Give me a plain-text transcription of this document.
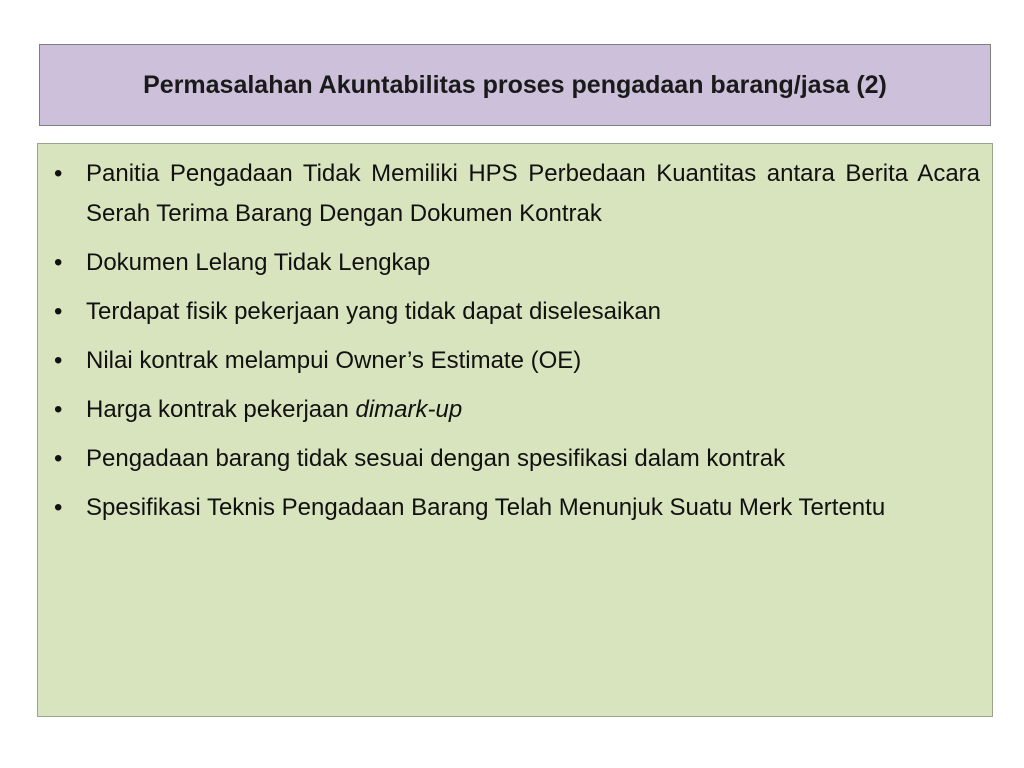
Permasalahan Akuntabilitas proses pengadaan barang/jasa (2)
• Panitia Pengadaan Tidak Memiliki HPS Perbedaan Kuantitas antara Berita Acara Serah Terima Barang Dengan Dokumen Kontrak
• Dokumen Lelang Tidak Lengkap
• Terdapat fisik pekerjaan yang tidak dapat diselesaikan
• Nilai kontrak melampui Owner’s Estimate (OE)
• Harga kontrak pekerjaan dimark-up
• Pengadaan barang tidak sesuai dengan spesifikasi dalam kontrak
• Spesifikasi Teknis Pengadaan Barang Telah Menunjuk Suatu Merk Tertentu
